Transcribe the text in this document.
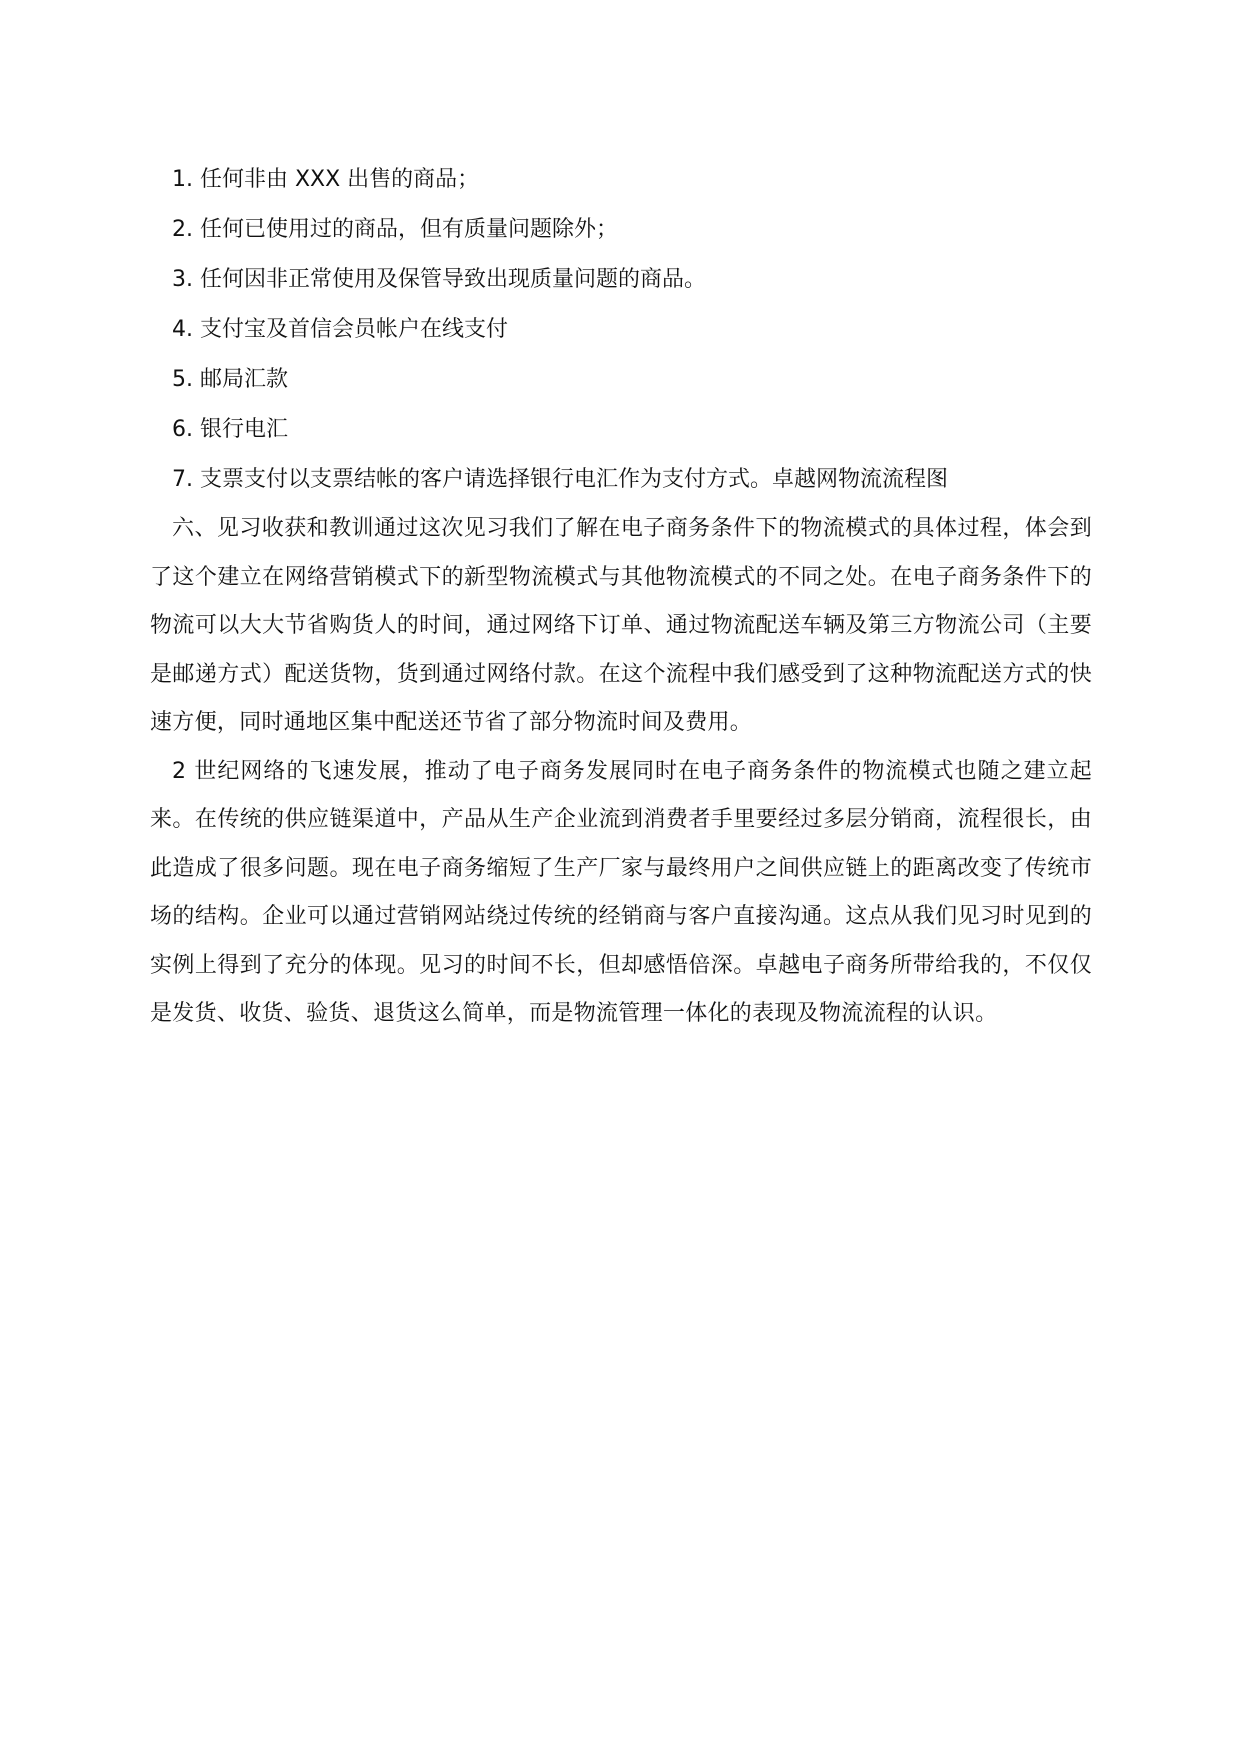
1. 任何非由 XXX 出售的商品；

2. 任何已使用过的商品，但有质量问题除外；

3. 任何因非正常使用及保管导致出现质量问题的商品。

4. 支付宝及首信会员帐户在线支付

5. 邮局汇款

6. 银行电汇

7. 支票支付以支票结帐的客户请选择银行电汇作为支付方式。卓越网物流流程图

六、见习收获和教训通过这次见习我们了解在电子商务条件下的物流模式的具体过程，体会到了这个建立在网络营销模式下的新型物流模式与其他物流模式的不同之处。在电子商务条件下的物流可以大大节省购货人的时间，通过网络下订单、通过物流配送车辆及第三方物流公司（主要是邮递方式）配送货物，货到通过网络付款。在这个流程中我们感受到了这种物流配送方式的快速方便，同时通地区集中配送还节省了部分物流时间及费用。

2 世纪网络的飞速发展，推动了电子商务发展同时在电子商务条件的物流模式也随之建立起来。在传统的供应链渠道中，产品从生产企业流到消费者手里要经过多层分销商，流程很长，由此造成了很多问题。现在电子商务缩短了生产厂家与最终用户之间供应链上的距离改变了传统市场的结构。企业可以通过营销网站绕过传统的经销商与客户直接沟通。这点从我们见习时见到的实例上得到了充分的体现。见习的时间不长，但却感悟倍深。卓越电子商务所带给我的，不仅仅是发货、收货、验货、退货这么简单，而是物流管理一体化的表现及物流流程的认识。
